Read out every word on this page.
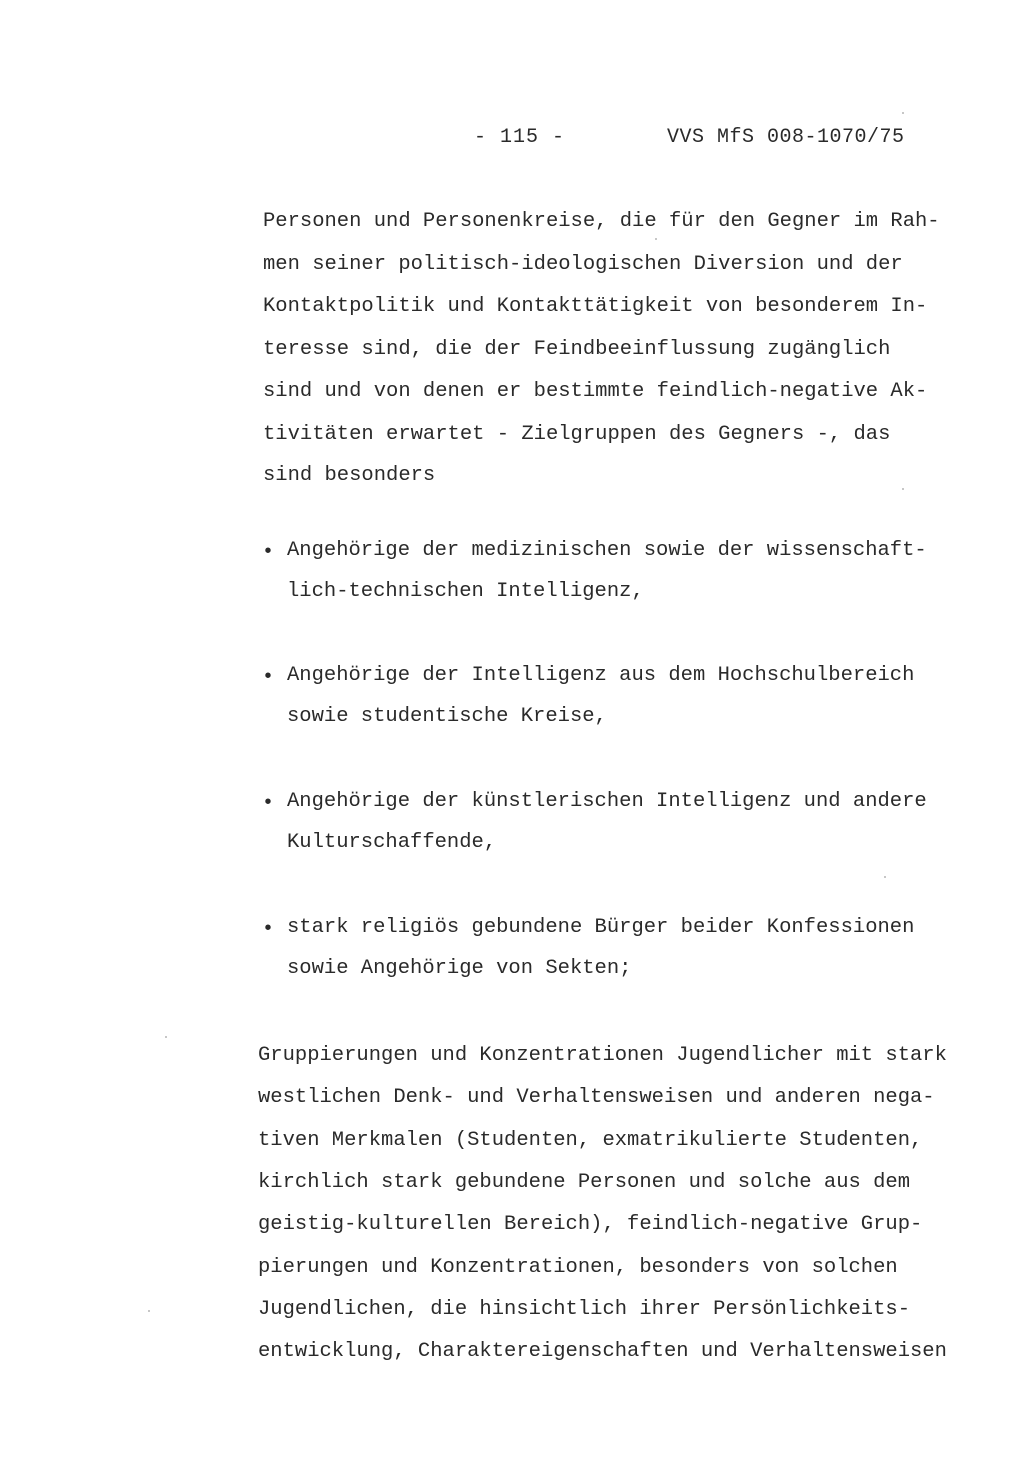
- 115 -	VVS MfS 008-1070/75
Personen und Personenkreise, die für den Gegner im Rah-
men seiner politisch-ideologischen Diversion und der
Kontaktpolitik und Kontakttätigkeit von besonderem In-
teresse sind, die der Feindbeeinflussung zugänglich
sind und von denen er bestimmte feindlich-negative Ak-
tivitäten erwartet - Zielgruppen des Gegners -, das
sind besonders
• Angehörige der medizinischen sowie der wissenschaft-
lich-technischen Intelligenz,
• Angehörige der Intelligenz aus dem Hochschulbereich
sowie studentische Kreise,
• Angehörige der künstlerischen Intelligenz und andere
Kulturschaffende,
• stark religiös gebundene Bürger beider Konfessionen
sowie Angehörige von Sekten;
Gruppierungen und Konzentrationen Jugendlicher mit stark
westlichen Denk- und Verhaltensweisen und anderen nega-
tiven Merkmalen (Studenten, exmatrikulierte Studenten,
kirchlich stark gebundene Personen und solche aus dem
geistig-kulturellen Bereich), feindlich-negative Grup-
pierungen und Konzentrationen, besonders von solchen
Jugendlichen, die hinsichtlich ihrer Persönlichkeits-
entwicklung, Charaktereigenschaften und Verhaltensweisen
